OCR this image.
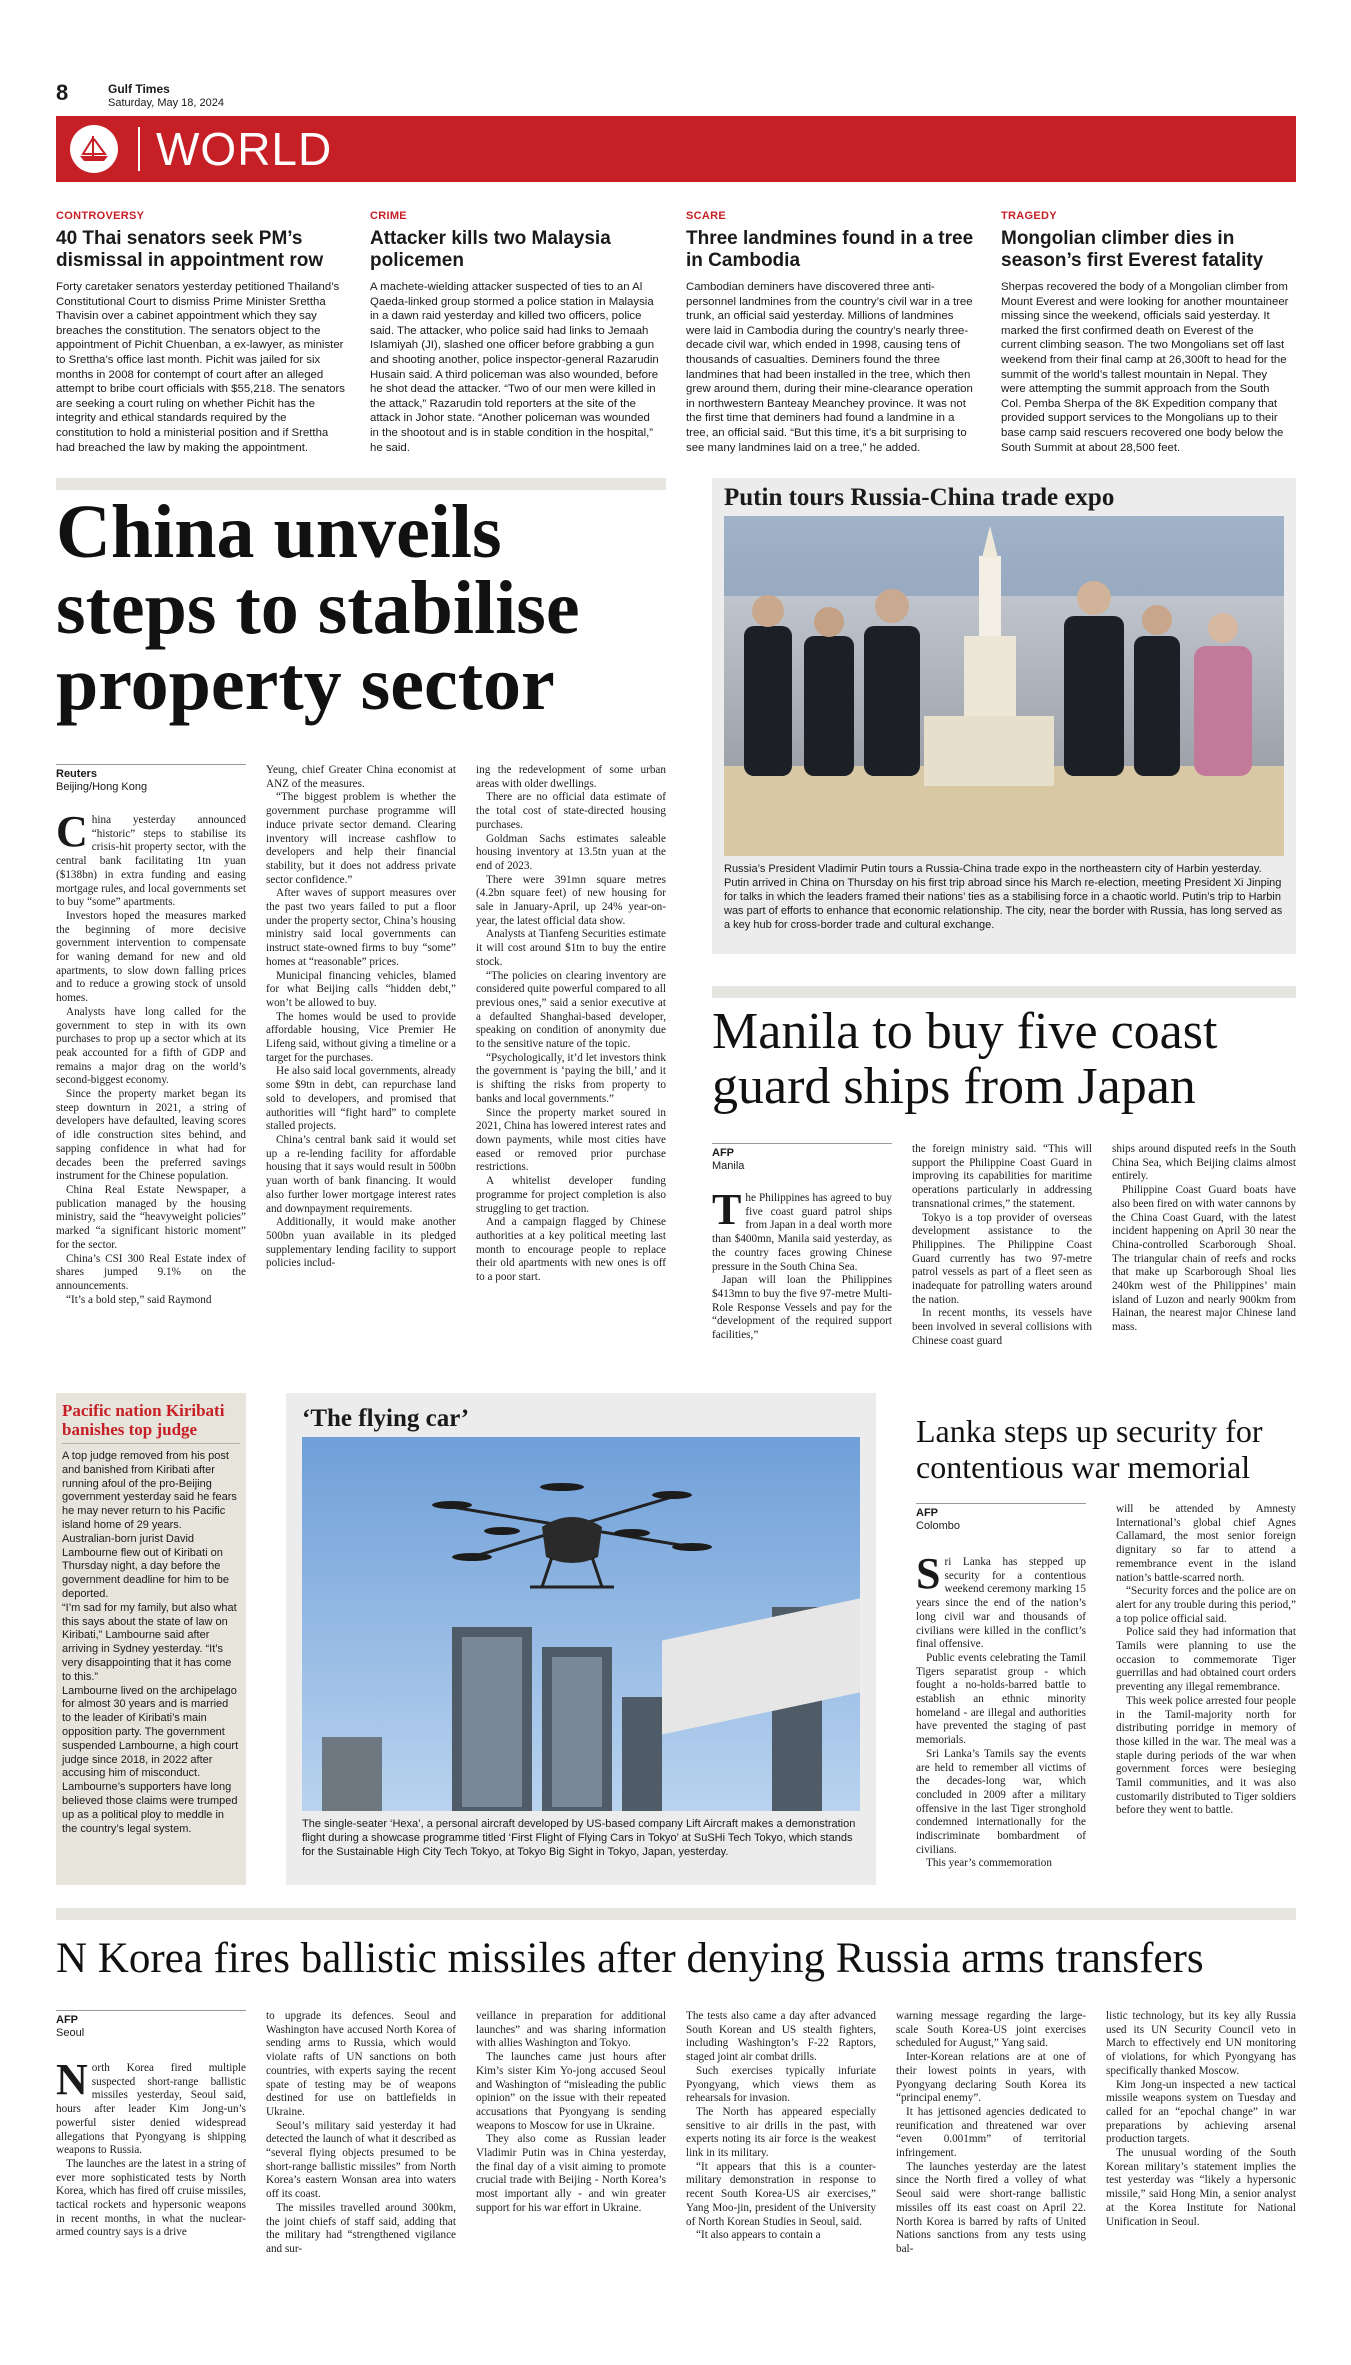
8	Gulf Times
Saturday, May 18, 2024
WORLD
CONTROVERSY
40 Thai senators seek PM’s dismissal in appointment row
Forty caretaker senators yesterday petitioned Thailand’s Constitutional Court to dismiss Prime Minister Srettha Thavisin over a cabinet appointment which they say breaches the constitution. The senators object to the appointment of Pichit Chuenban, a ex-lawyer, as minister to Srettha’s office last month. Pichit was jailed for six months in 2008 for contempt of court after an alleged attempt to bribe court officials with $55,218. The senators are seeking a court ruling on whether Pichit has the integrity and ethical standards required by the constitution to hold a ministerial position and if Srettha had breached the law by making the appointment.
CRIME
Attacker kills two Malaysia policemen
A machete-wielding attacker suspected of ties to an Al Qaeda-linked group stormed a police station in Malaysia in a dawn raid yesterday and killed two officers, police said. The attacker, who police said had links to Jemaah Islamiyah (JI), slashed one officer before grabbing a gun and shooting another, police inspector-general Razarudin Husain said. A third policeman was also wounded, before he shot dead the attacker. “Two of our men were killed in the attack,” Razarudin told reporters at the site of the attack in Johor state. “Another policeman was wounded in the shootout and is in stable condition in the hospital,” he said.
SCARE
Three landmines found in a tree in Cambodia
Cambodian deminers have discovered three anti-personnel landmines from the country’s civil war in a tree trunk, an official said yesterday. Millions of landmines were laid in Cambodia during the country’s nearly three-decade civil war, which ended in 1998, causing tens of thousands of casualties. Deminers found the three landmines that had been installed in the tree, which then grew around them, during their mine-clearance operation in northwestern Banteay Meanchey province. It was not the first time that deminers had found a landmine in a tree, an official said. “But this time, it’s a bit surprising to see many landmines laid on a tree,” he added.
TRAGEDY
Mongolian climber dies in season’s first Everest fatality
Sherpas recovered the body of a Mongolian climber from Mount Everest and were looking for another mountaineer missing since the weekend, officials said yesterday. It marked the first confirmed death on Everest of the current climbing season. The two Mongolians set off last weekend from their final camp at 26,300ft to head for the summit of the world’s tallest mountain in Nepal. They were attempting the summit approach from the South Col. Pemba Sherpa of the 8K Expedition company that provided support services to the Mongolians up to their base camp said rescuers recovered one body below the South Summit at about 28,500 feet.
China unveils steps to stabilise property sector
Reuters
Beijing/Hong Kong

China yesterday announced “historic” steps to stabilise its crisis-hit property sector, with the central bank facilitating 1tn yuan ($138bn) in extra funding and easing mortgage rules, and local governments set to buy “some” apartments.

Investors hoped the measures marked the beginning of more decisive government intervention to compensate for waning demand for new and old apartments, to slow down falling prices and to reduce a growing stock of unsold homes.

Analysts have long called for the government to step in with its own purchases to prop up a sector which at its peak accounted for a fifth of GDP and remains a major drag on the world’s second-biggest economy.

Since the property market began its steep downturn in 2021, a string of developers have defaulted, leaving scores of idle construction sites behind, and sapping confidence in what had for decades been the preferred savings instrument for the Chinese population.

China Real Estate Newspaper, a publication managed by the housing ministry, said the “heavyweight policies” marked “a significant historic moment” for the sector.

China’s CSI 300 Real Estate index of shares jumped 9.1% on the announcements.

“It’s a bold step,” said Raymond

Yeung, chief Greater China economist at ANZ of the measures.

“The biggest problem is whether the government purchase programme will induce private sector demand. Clearing inventory will increase cashflow to developers and help their financial stability, but it does not address private sector confidence.”

After waves of support measures over the past two years failed to put a floor under the property sector, China’s housing ministry said local governments can instruct state-owned firms to buy “some” homes at “reasonable” prices.

Municipal financing vehicles, blamed for what Beijing calls “hidden debt,” won’t be allowed to buy.

The homes would be used to provide affordable housing, Vice Premier He Lifeng said, without giving a timeline or a target for the purchases.

He also said local governments, already some $9tn in debt, can repurchase land sold to developers, and promised that authorities will “fight hard” to complete stalled projects.

China’s central bank said it would set up a re-lending facility for affordable housing that it says would result in 500bn yuan worth of bank financing. It would also further lower mortgage interest rates and downpayment requirements.

Additionally, it would make another 500bn yuan available in its pledged supplementary lending facility to support policies includ-

ing the redevelopment of some urban areas with older dwellings.

There are no official data estimate of the total cost of state-directed housing purchases.

Goldman Sachs estimates saleable housing inventory at 13.5tn yuan at the end of 2023.

There were 391mn square metres (4.2bn square feet) of new housing for sale in January-April, up 24% year-on-year, the latest official data show.

Analysts at Tianfeng Securities estimate it will cost around $1tn to buy the entire stock.

“The policies on clearing inventory are considered quite powerful compared to all previous ones,” said a senior executive at a defaulted Shanghai-based developer, speaking on condition of anonymity due to the sensitive nature of the topic.

“Psychologically, it’d let investors think the government is ‘paying the bill,’ and it is shifting the risks from property to banks and local governments.”

Since the property market soured in 2021, China has lowered interest rates and down payments, while most cities have eased or removed prior purchase restrictions.

A whitelist developer funding programme for project completion is also struggling to get traction.

And a campaign flagged by Chinese authorities at a key political meeting last month to encourage people to replace their old apartments with new ones is off to a poor start.

Putin tours Russia-China trade expo
Russia’s President Vladimir Putin tours a Russia-China trade expo in the northeastern city of Harbin yesterday. Putin arrived in China on Thursday on his first trip abroad since his March re-election, meeting President Xi Jinping for talks in which the leaders framed their nations’ ties as a stabilising force in a chaotic world. Putin’s trip to Harbin was part of efforts to enhance that economic relationship. The city, near the border with Russia, has long served as a key hub for cross-border trade and cultural exchange.
Manila to buy five coast guard ships from Japan
AFP
Manila

The Philippines has agreed to buy five coast guard patrol ships from Japan in a deal worth more than $400mn, Manila said yesterday, as the country faces growing Chinese pressure in the South China Sea.

Japan will loan the Philippines $413mn to buy the five 97-metre Multi-Role Response Vessels and pay for the “development of the required support facilities,”

the foreign ministry said. “This will support the Philippine Coast Guard in improving its capabilities for maritime operations particularly in addressing transnational crimes,” the statement.

Tokyo is a top provider of overseas development assistance to the Philippines. The Philippine Coast Guard currently has two 97-metre patrol vessels as part of a fleet seen as inadequate for patrolling waters around the nation.

In recent months, its vessels have been involved in several collisions with Chinese coast guard

ships around disputed reefs in the South China Sea, which Beijing claims almost entirely.

Philippine Coast Guard boats have also been fired on with water cannons by the China Coast Guard, with the latest incident happening on April 30 near the China-controlled Scarborough Shoal. The triangular chain of reefs and rocks that make up Scarborough Shoal lies 240km west of the Philippines’ main island of Luzon and nearly 900km from Hainan, the nearest major Chinese land mass.

Pacific nation Kiribati banishes top judge

A top judge removed from his post and banished from Kiribati after running afoul of the pro-Beijing government yesterday said he fears he may never return to his Pacific island home of 29 years.

Australian-born jurist David Lambourne flew out of Kiribati on Thursday night, a day before the government deadline for him to be deported.

“I’m sad for my family, but also what this says about the state of law on Kiribati,” Lambourne said after arriving in Sydney yesterday. “It’s very disappointing that it has come to this.”

Lambourne lived on the archipelago for almost 30 years and is married to the leader of Kiribati’s main opposition party. The government suspended Lambourne, a high court judge since 2018, in 2022 after accusing him of misconduct.

Lambourne’s supporters have long believed those claims were trumped up as a political ploy to meddle in the country’s legal system.

‘The flying car’
The single-seater ‘Hexa’, a personal aircraft developed by US-based company Lift Aircraft makes a demonstration flight during a showcase programme titled ‘First Flight of Flying Cars in Tokyo’ at SuSHi Tech Tokyo, which stands for the Sustainable High City Tech Tokyo, at Tokyo Big Sight in Tokyo, Japan, yesterday.
Lanka steps up security for contentious war memorial
AFP
Colombo

Sri Lanka has stepped up security for a contentious weekend ceremony marking 15 years since the end of the nation’s long civil war and thousands of civilians were killed in the conflict’s final offensive.

Public events celebrating the Tamil Tigers separatist group - which fought a no-holds-barred battle to establish an ethnic minority homeland - are illegal and authorities have prevented the staging of past memorials.

Sri Lanka’s Tamils say the events are held to remember all victims of the decades-long war, which concluded in 2009 after a military offensive in the last Tiger stronghold condemned internationally for the indiscriminate bombardment of civilians.

This year’s commemoration

will be attended by Amnesty International’s global chief Agnes Callamard, the most senior foreign dignitary so far to attend a remembrance event in the island nation’s battle-scarred north.

“Security forces and the police are on alert for any trouble during this period,” a top police official said.

Police said they had information that Tamils were planning to use the occasion to commemorate Tiger guerrillas and had obtained court orders preventing any illegal remembrance.

This week police arrested four people in the Tamil-majority north for distributing porridge in memory of those killed in the war. The meal was a staple during periods of the war when government forces were besieging Tamil communities, and it was also customarily distributed to Tiger soldiers before they went to battle.

N Korea fires ballistic missiles after denying Russia arms transfers
AFP
Seoul

North Korea fired multiple suspected short-range ballistic missiles yesterday, Seoul said, hours after leader Kim Jong-un’s powerful sister denied widespread allegations that Pyongyang is shipping weapons to Russia.

The launches are the latest in a string of ever more sophisticated tests by North Korea, which has fired off cruise missiles, tactical rockets and hypersonic weapons in recent months, in what the nuclear-armed country says is a drive

to upgrade its defences. Seoul and Washington have accused North Korea of sending arms to Russia, which would violate rafts of UN sanctions on both countries, with experts saying the recent spate of testing may be of weapons destined for use on battlefields in Ukraine.

Seoul’s military said yesterday it had detected the launch of what it described as “several flying objects presumed to be short-range ballistic missiles” from North Korea’s eastern Wonsan area into waters off its coast.

The missiles travelled around 300km, the joint chiefs of staff said, adding that the military had “strengthened vigilance and sur-

veillance in preparation for additional launches” and was sharing information with allies Washington and Tokyo.

The launches came just hours after Kim’s sister Kim Yo-jong accused Seoul and Washington of “misleading the public opinion” on the issue with their repeated accusations that Pyongyang is sending weapons to Moscow for use in Ukraine.

They also come as Russian leader Vladimir Putin was in China yesterday, the final day of a visit aiming to promote crucial trade with Beijing - North Korea’s most important ally - and win greater support for his war effort in Ukraine.

The tests also came a day after advanced South Korean and US stealth fighters, including Washington’s F-22 Raptors, staged joint air combat drills.

Such exercises typically infuriate Pyongyang, which views them as rehearsals for invasion.

The North has appeared especially sensitive to air drills in the past, with experts noting its air force is the weakest link in its military.

“It appears that this is a counter-military demonstration in response to recent South Korea-US air exercises,” Yang Moo-jin, president of the University of North Korean Studies in Seoul, said.

“It also appears to contain a

warning message regarding the large-scale South Korea-US joint exercises scheduled for August,” Yang said.

Inter-Korean relations are at one of their lowest points in years, with Pyongyang declaring South Korea its “principal enemy”.

It has jettisoned agencies dedicated to reunification and threatened war over “even 0.001mm” of territorial infringement.

The launches yesterday are the latest since the North fired a volley of what Seoul said were short-range ballistic missiles off its east coast on April 22. North Korea is barred by rafts of United Nations sanctions from any tests using bal-

listic technology, but its key ally Russia used its UN Security Council veto in March to effectively end UN monitoring of violations, for which Pyongyang has specifically thanked Moscow.

Kim Jong-un inspected a new tactical missile weapons system on Tuesday and called for an “epochal change” in war preparations by achieving arsenal production targets.

The unusual wording of the South Korean military’s statement implies the test yesterday was “likely a hypersonic missile,” said Hong Min, a senior analyst at the Korea Institute for National Unification in Seoul.
